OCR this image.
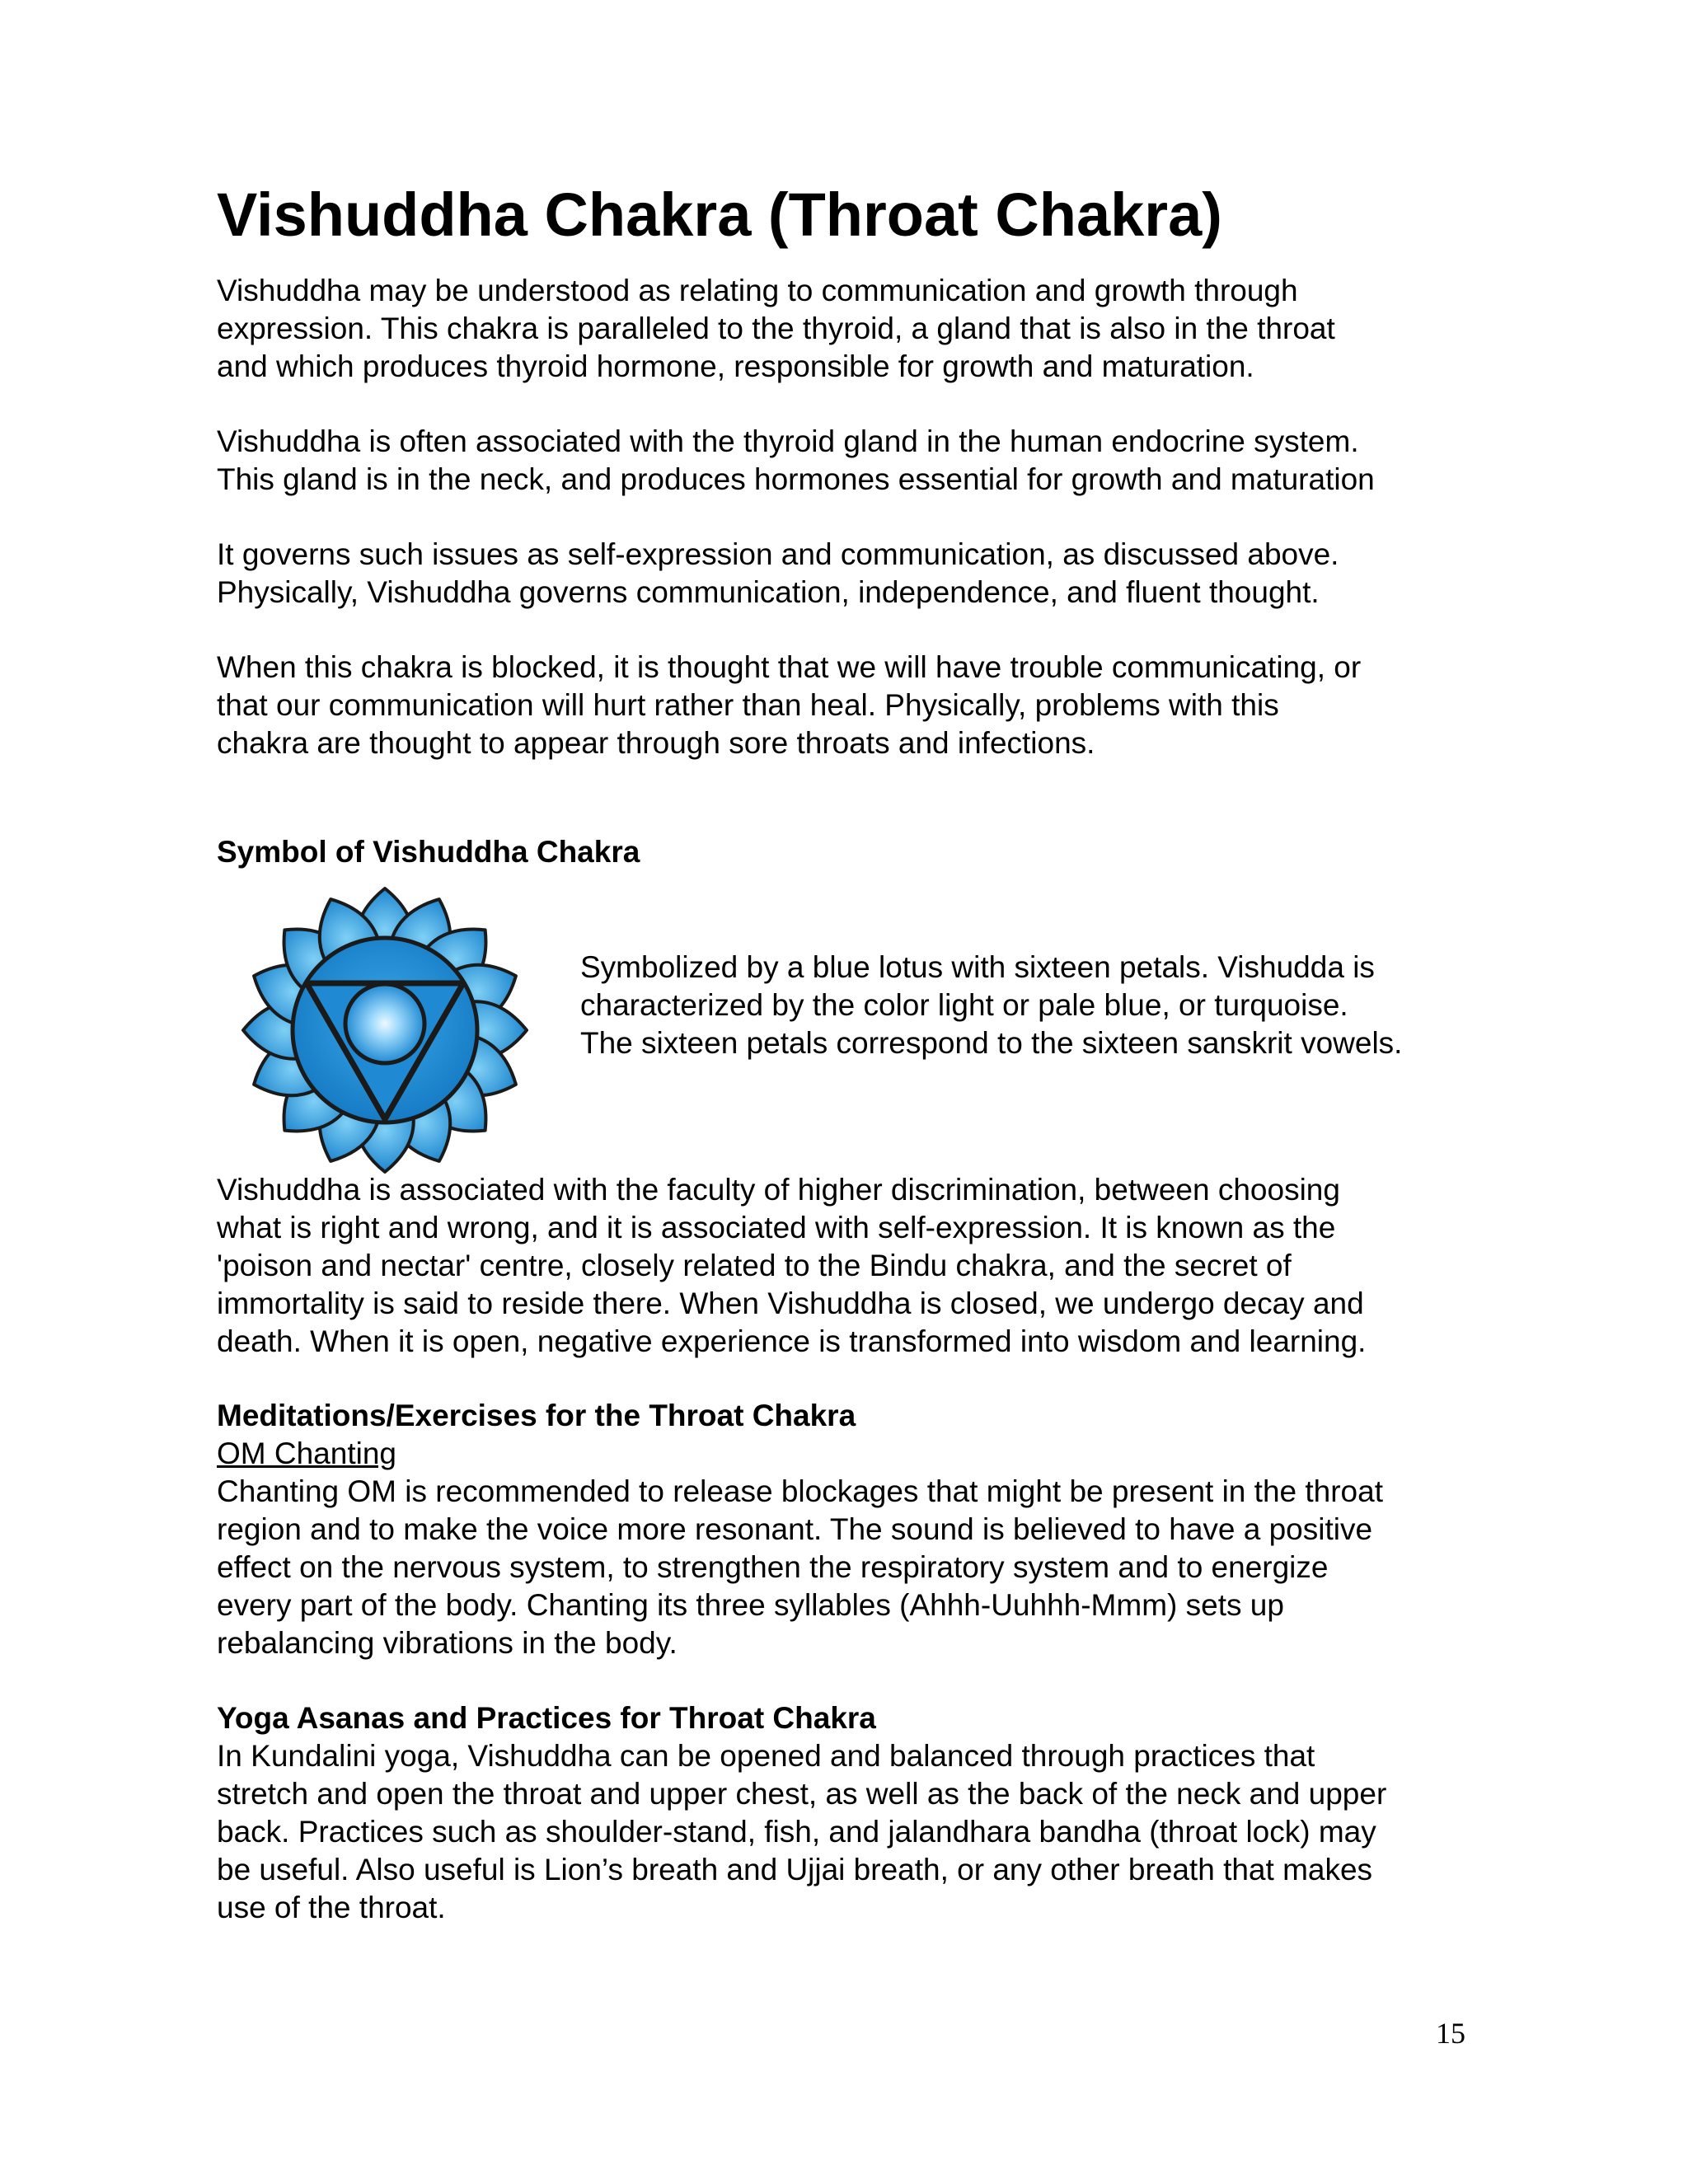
Vishuddha Chakra (Throat Chakra)

Vishuddha may be understood as relating to communication and growth through
expression. This chakra is paralleled to the thyroid, a gland that is also in the throat
and which produces thyroid hormone, responsible for growth and maturation.

Vishuddha is often associated with the thyroid gland in the human endocrine system.
This gland is in the neck, and produces hormones essential for growth and maturation

It governs such issues as self-expression and communication, as discussed above.
Physically, Vishuddha governs communication, independence, and fluent thought.

When this chakra is blocked, it is thought that we will have trouble communicating, or
that our communication will hurt rather than heal. Physically, problems with this
chakra are thought to appear through sore throats and infections.

Symbol of Vishuddha Chakra

Symbolized by a blue lotus with sixteen petals. Vishudda is
characterized by the color light or pale blue, or turquoise.
The sixteen petals correspond to the sixteen sanskrit vowels.

Vishuddha is associated with the faculty of higher discrimination, between choosing
what is right and wrong, and it is associated with self-expression. It is known as the
'poison and nectar' centre, closely related to the Bindu chakra, and the secret of
immortality is said to reside there. When Vishuddha is closed, we undergo decay and
death. When it is open, negative experience is transformed into wisdom and learning.

Meditations/Exercises for the Throat Chakra
OM Chanting
Chanting OM is recommended to release blockages that might be present in the throat
region and to make the voice more resonant. The sound is believed to have a positive
effect on the nervous system, to strengthen the respiratory system and to energize
every part of the body. Chanting its three syllables (Ahhh-Uuhhh-Mmm) sets up
rebalancing vibrations in the body.

Yoga Asanas and Practices for Throat Chakra
In Kundalini yoga, Vishuddha can be opened and balanced through practices that
stretch and open the throat and upper chest, as well as the back of the neck and upper
back. Practices such as shoulder-stand, fish, and jalandhara bandha (throat lock) may
be useful. Also useful is Lion’s breath and Ujjai breath, or any other breath that makes
use of the throat.

15
